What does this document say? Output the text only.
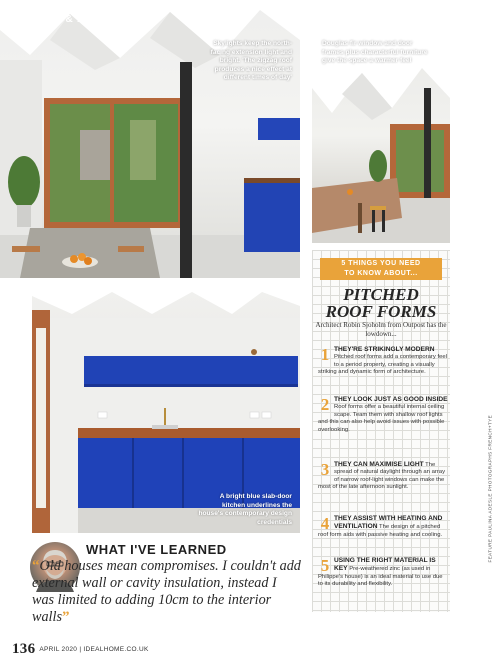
BEFORE & AFTER
Skylights keep the north-facing extension light and bright. 'The zigzag roof produces a nice effect at different times of day'
Douglas fir window and door frames plus characterful furniture give the space a warmer feel
A bright blue slab-door kitchen underlines the house's contemporary design credentials
5 THINGS YOU NEED
TO KNOW ABOUT...
PITCHED
ROOF FORMS
Architect Robin Sjoholm from Outpost has the lowdown...
1 THEY'RE STRIKINGLY MODERN Pitched roof forms add a contemporary feel to a period property, creating a visually striking and dynamic form of architecture.
2 THEY LOOK JUST AS GOOD INSIDE Roof forms offer a beautiful internal ceiling scape. Team them with shallow roof lights and this can also help avoid issues with possible overlooking.
3 THEY CAN MAXIMISE LIGHT The spread of natural daylight through an array of narrow roof-light windows can make the most of the late afternoon sunlight.
4 THEY ASSIST WITH HEATING AND VENTILATION The design of a pitched roof form aids with passive heating and cooling.
5 USING THE RIGHT MATERIAL IS KEY Pre-weathered zinc (as used in Philippe's house) is an ideal material to use due to its durability and flexibility.
FEATURE PAULINA ADESLE PHOTOGRAPHS FRENCH+TYE
WHAT I'VE LEARNED
“Old houses mean compromises. I couldn't add external wall or cavity insulation, instead I was limited to adding 10cm to the interior walls”
136 APRIL 2020 | IDEALHOME.CO.UK
